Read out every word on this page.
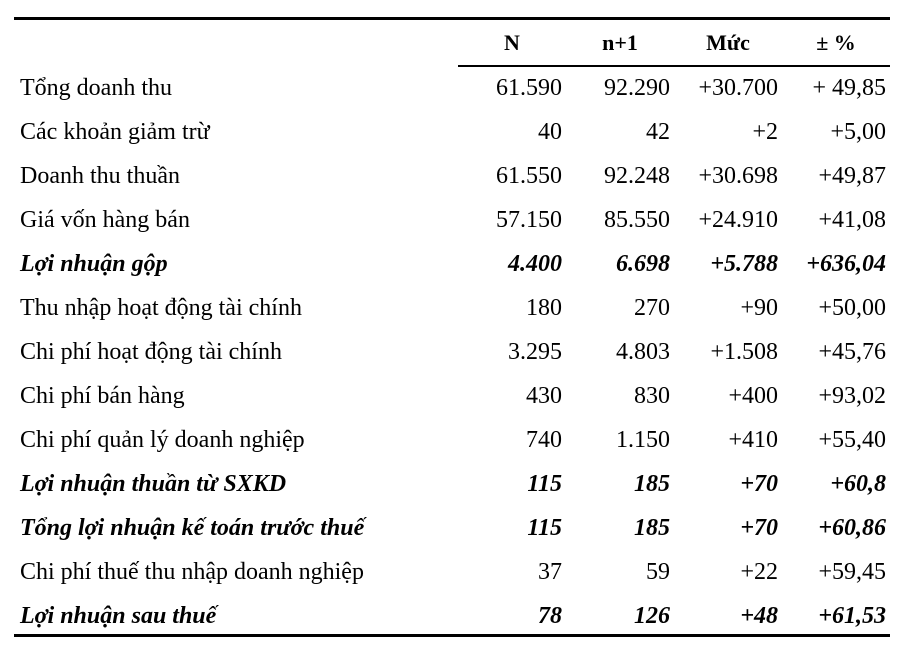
	N	n+1	Mức	± %
Tổng doanh thu	61.590	92.290	+30.700	+ 49,85
Các khoản giảm trừ	40	42	+2	+5,00
Doanh thu thuần	61.550	92.248	+30.698	+49,87
Giá vốn hàng bán	57.150	85.550	+24.910	+41,08
Lợi nhuận gộp	4.400	6.698	+5.788	+636,04
Thu nhập hoạt động tài chính	180	270	+90	+50,00
Chi phí hoạt động tài chính	3.295	4.803	+1.508	+45,76
Chi phí bán hàng	430	830	+400	+93,02
Chi phí quản lý doanh nghiệp	740	1.150	+410	+55,40
Lợi nhuận thuần từ SXKD	115	185	+70	+60,8
Tổng lợi nhuận kế toán trước thuế	115	185	+70	+60,86
Chi phí thuế thu nhập doanh nghiệp	37	59	+22	+59,45
Lợi nhuận sau thuế	78	126	+48	+61,53
